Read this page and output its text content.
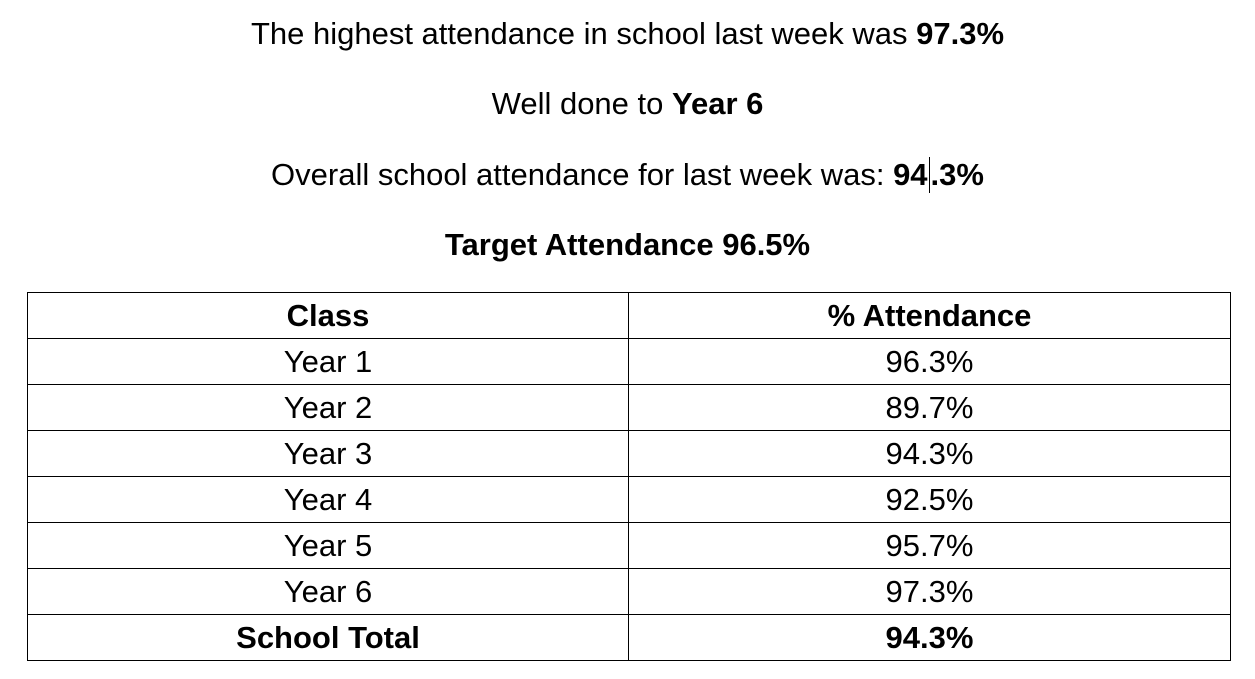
The highest attendance in school last week was 97.3%
Well done to Year 6
Overall school attendance for last week was: 94.3%
Target Attendance 96.5%
Class	% Attendance
Year 1	96.3%
Year 2	89.7%
Year 3	94.3%
Year 4	92.5%
Year 5	95.7%
Year 6	97.3%
School Total	94.3%
